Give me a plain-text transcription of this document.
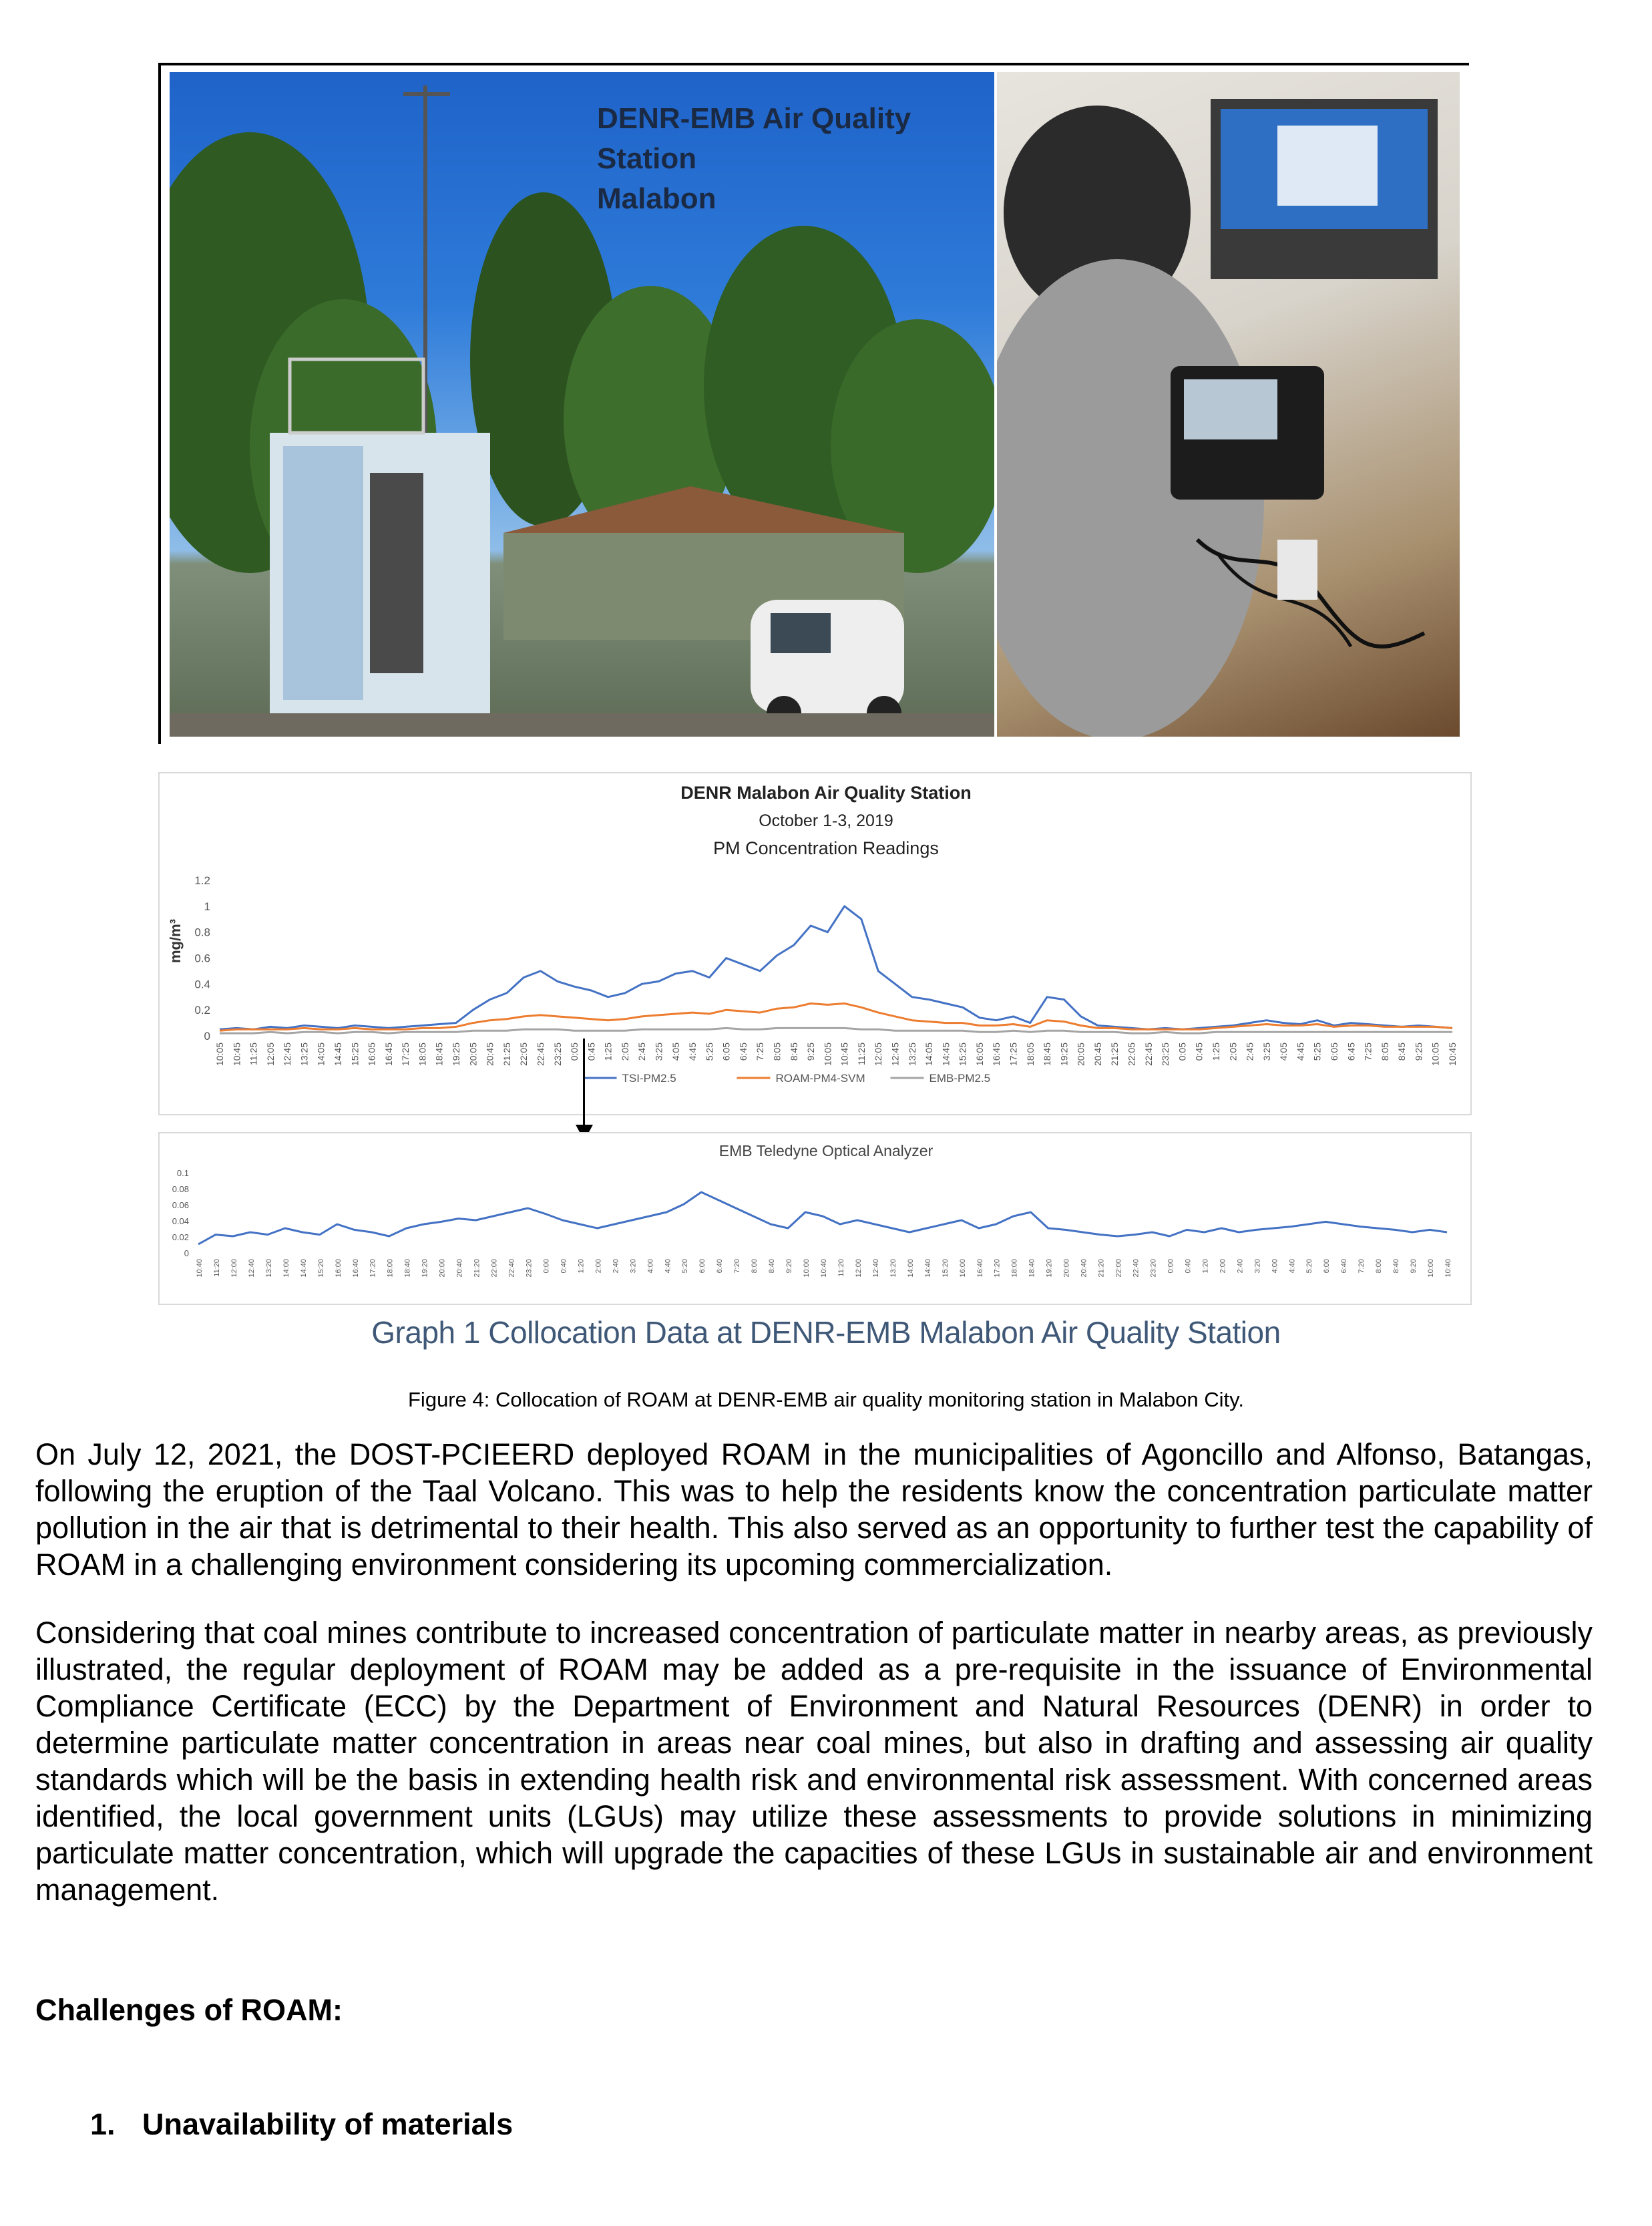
DENR-EMB Air Quality Station
Malabon
DENR Malabon Air Quality Station
October 1-3, 2019
PM Concentration Readings
mg/m³
1.2
1
0.8
0.6
0.4
0.2
0
10:05 10:45 11:25 12:05 12:45 13:25 14:05 14:45 15:25 16:05 16:45 17:25 18:05 18:45 19:25 20:05 20:45 21:25 22:05 22:45 23:25 0:05 0:45 1:25 2:05 2:45 3:25 4:05 4:45 5:25 6:05 6:45 7:25 8:05 8:45 9:25 10:05 10:45 11:25 12:05 12:45 13:25 14:05 14:45 15:25 16:05 16:45 17:25 18:05 18:45 19:25 20:05 20:45 21:25 22:05 22:45 23:25 0:05 0:45 1:25 2:05 2:45 3:25 4:05 4:45 5:25 6:05 6:45 7:25 8:05 8:45 9:25 10:05 10:45
TSI-PM2.5	ROAM-PM4-SVM	EMB-PM2.5
EMB Teledyne Optical Analyzer
0.1
0.08
0.06
0.04
0.02
0
10:40 11:20 12:00 12:40 13:20 14:00 14:40 15:20 16:00 16:40 17:20 18:00 18:40 19:20 20:00 20:40 21:20 22:00 22:40 23:20 0:00 0:40 1:20 2:00 2:40 3:20 4:00 4:40 5:20 6:00 6:40 7:20 8:00 8:40 9:20 10:00 10:40 11:20 12:00 12:40 13:20 14:00 14:40 15:20 16:00 16:40 17:20 18:00 18:40 19:20 20:00 20:40 21:20 22:00 22:40 23:20 0:00 0:40 1:20 2:00 2:40 3:20 4:00 4:40 5:20 6:00 6:40 7:20 8:00 8:40 9:20 10:00 10:40
Graph 1 Collocation Data at DENR-EMB Malabon Air Quality Station
Figure 4: Collocation of ROAM at DENR-EMB air quality monitoring station in Malabon City.

On July 12, 2021, the DOST-PCIEERD deployed ROAM in the municipalities of Agoncillo and Alfonso, Batangas, following the eruption of the Taal Volcano. This was to help the residents know the concentration particulate matter pollution in the air that is detrimental to their health. This also served as an opportunity to further test the capability of ROAM in a challenging environment considering its upcoming commercialization.

Considering that coal mines contribute to increased concentration of particulate matter in nearby areas, as previously illustrated, the regular deployment of ROAM may be added as a pre-requisite in the issuance of Environmental Compliance Certificate (ECC) by the Department of Environment and Natural Resources (DENR) in order to determine particulate matter concentration in areas near coal mines, but also in drafting and assessing air quality standards which will be the basis in extending health risk and environmental risk assessment. With concerned areas identified, the local government units (LGUs) may utilize these assessments to provide solutions in minimizing particulate matter concentration, which will upgrade the capacities of these LGUs in sustainable air and environment management.

Challenges of ROAM:
1. Unavailability of materials
